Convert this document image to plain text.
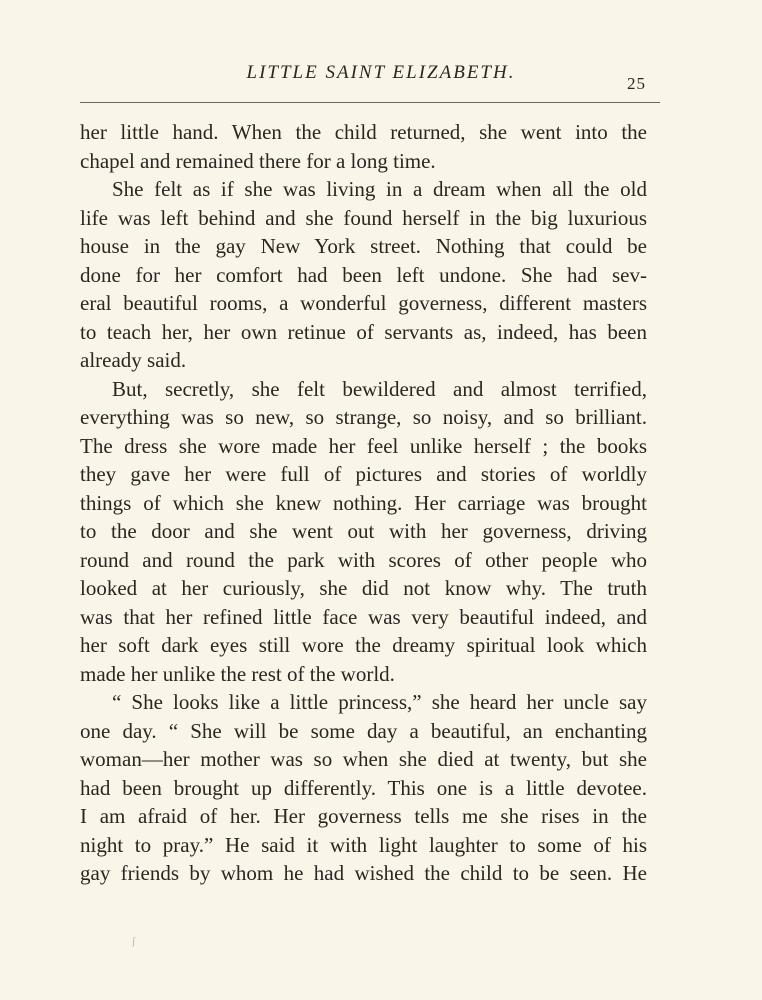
LITTLE SAINT ELIZABETH.
25
her little hand. When the child returned, she went into the
chapel and remained there for a long time.
She felt as if she was living in a dream when all the old
life was left behind and she found herself in the big luxurious
house in the gay New York street. Nothing that could be
done for her comfort had been left undone. She had sev-
eral beautiful rooms, a wonderful governess, different masters
to teach her, her own retinue of servants as, indeed, has been
already said.
But, secretly, she felt bewildered and almost terrified,
everything was so new, so strange, so noisy, and so brilliant.
The dress she wore made her feel unlike herself ; the books
they gave her were full of pictures and stories of worldly
things of which she knew nothing. Her carriage was brought
to the door and she went out with her governess, driving
round and round the park with scores of other people who
looked at her curiously, she did not know why. The truth
was that her refined little face was very beautiful indeed, and
her soft dark eyes still wore the dreamy spiritual look which
made her unlike the rest of the world.
“ She looks like a little princess,” she heard her uncle say
one day. “ She will be some day a beautiful, an enchanting
woman—her mother was so when she died at twenty, but she
had been brought up differently. This one is a little devotee.
I am afraid of her. Her governess tells me she rises in the
night to pray.” He said it with light laughter to some of his
gay friends by whom he had wished the child to be seen. He
ʃ
